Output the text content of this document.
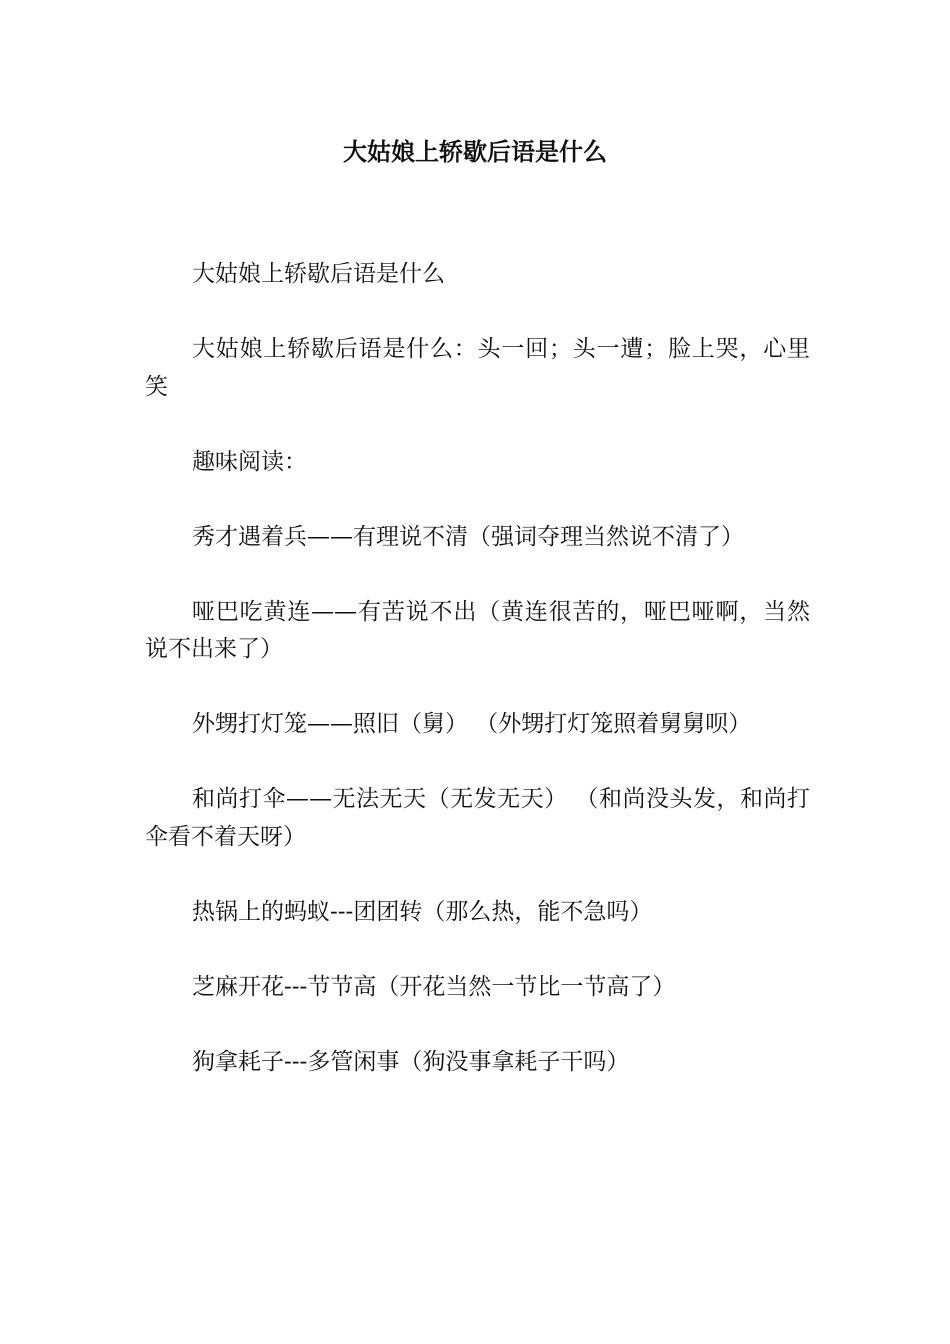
大姑娘上轿歇后语是什么

大姑娘上轿歇后语是什么

大姑娘上轿歇后语是什么：头一回；头一遭；脸上哭，心里笑

趣味阅读：

秀才遇着兵——有理说不清（强词夺理当然说不清了）

哑巴吃黄连——有苦说不出（黄连很苦的，哑巴哑啊，当然说不出来了）

外甥打灯笼——照旧（舅） （外甥打灯笼照着舅舅呗）

和尚打伞——无法无天（无发无天） （和尚没头发，和尚打伞看不着天呀）

热锅上的蚂蚁---团团转（那么热，能不急吗）

芝麻开花---节节高（开花当然一节比一节高了）

狗拿耗子---多管闲事（狗没事拿耗子干吗）
